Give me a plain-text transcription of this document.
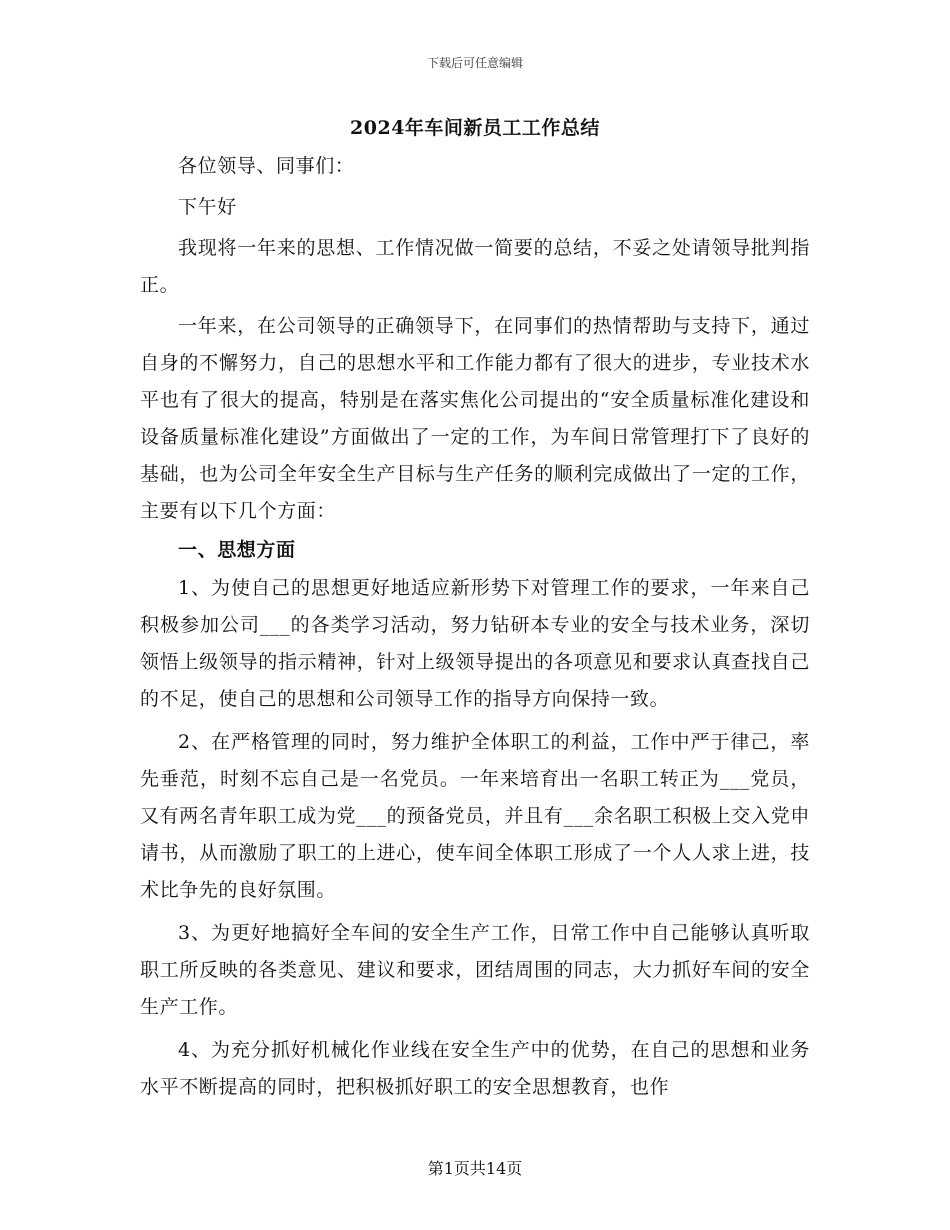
下载后可任意编辑
2024年车间新员工工作总结

各位领导、同事们：

下午好

我现将一年来的思想、工作情况做一简要的总结，不妥之处请领导批判指正。

一年来，在公司领导的正确领导下，在同事们的热情帮助与支持下，通过自身的不懈努力，自己的思想水平和工作能力都有了很大的进步，专业技术水平也有了很大的提高，特别是在落实焦化公司提出的“安全质量标准化建设和设备质量标准化建设”方面做出了一定的工作，为车间日常管理打下了良好的基础，也为公司全年安全生产目标与生产任务的顺利完成做出了一定的工作，主要有以下几个方面：

一、思想方面

1、为使自己的思想更好地适应新形势下对管理工作的要求，一年来自己积极参加公司___的各类学习活动，努力钻研本专业的安全与技术业务，深切领悟上级领导的指示精神，针对上级领导提出的各项意见和要求认真查找自己的不足，使自己的思想和公司领导工作的指导方向保持一致。

2、在严格管理的同时，努力维护全体职工的利益，工作中严于律己，率先垂范，时刻不忘自己是一名党员。一年来培育出一名职工转正为___党员，又有两名青年职工成为党___的预备党员，并且有___余名职工积极上交入党申请书，从而激励了职工的上进心，使车间全体职工形成了一个人人求上进，技术比争先的良好氛围。

3、为更好地搞好全车间的安全生产工作，日常工作中自己能够认真听取职工所反映的各类意见、建议和要求，团结周围的同志，大力抓好车间的安全生产工作。

4、为充分抓好机械化作业线在安全生产中的优势，在自己的思想和业务水平不断提高的同时，把积极抓好职工的安全思想教育，也作

第1页共14页
